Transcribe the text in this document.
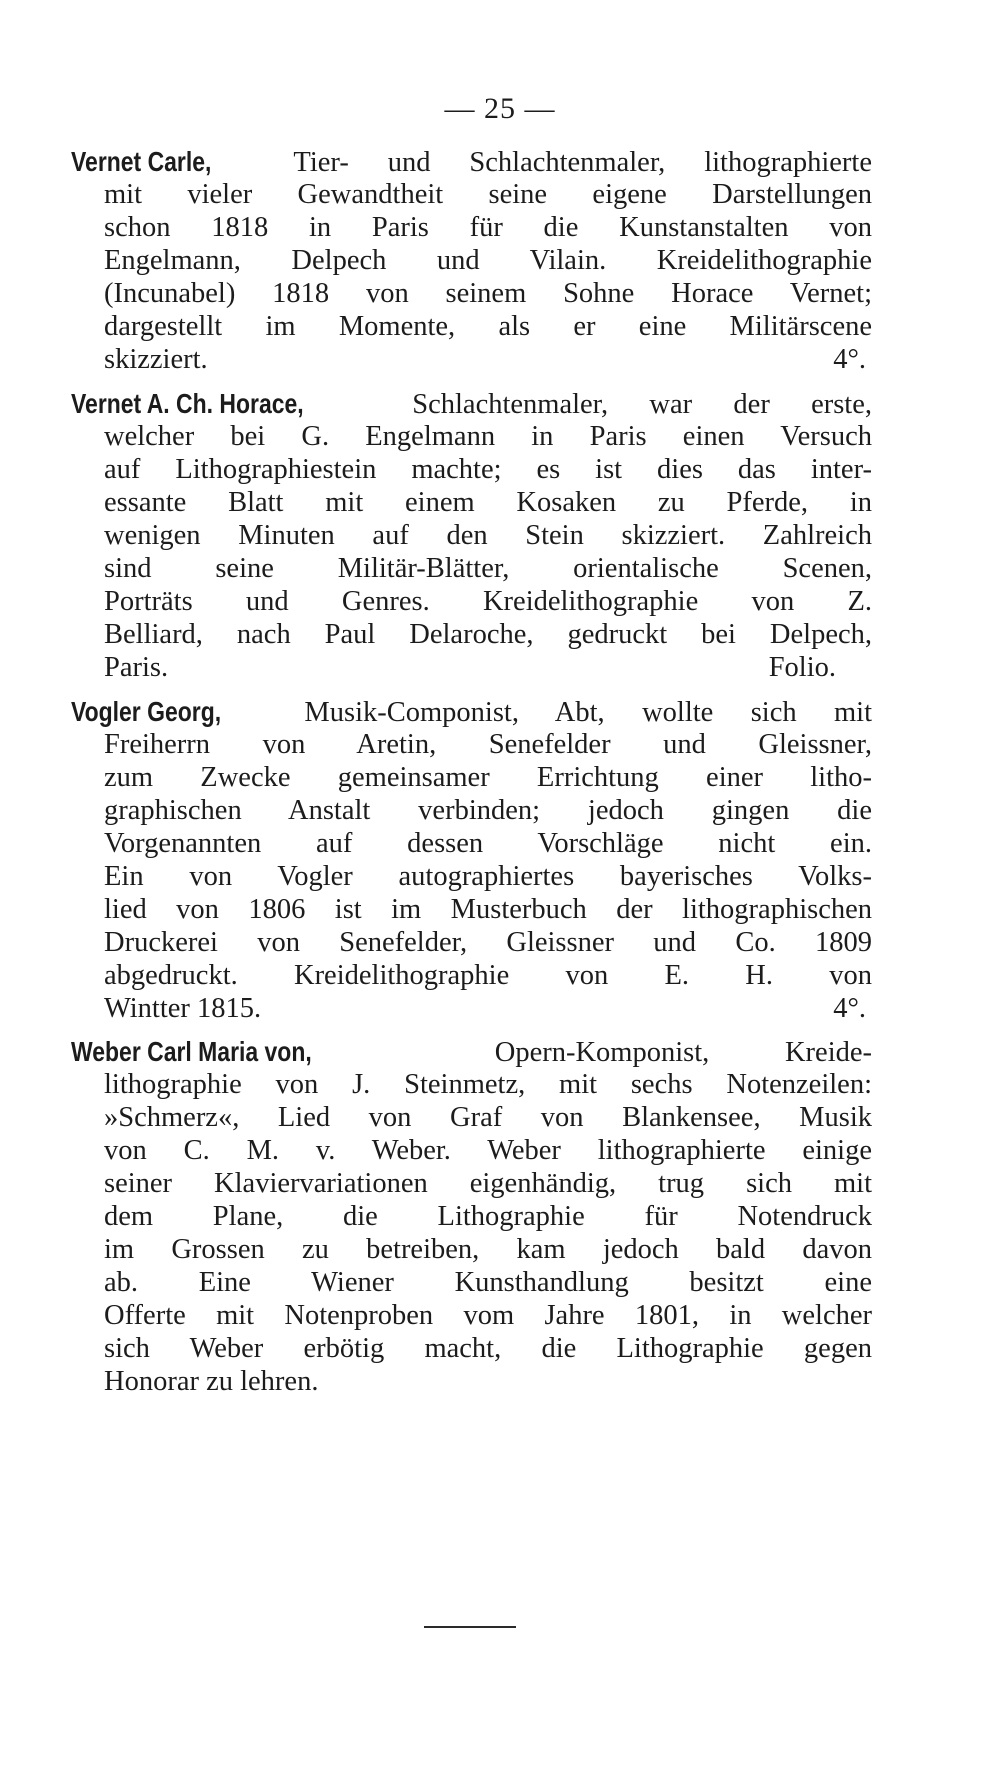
— 25 —
Vernet Carle,	Tier- und Schlachtenmaler, lithographierte
mit vieler Gewandtheit seine eigene Darstellungen
schon 1818 in Paris für die Kunstanstalten von
Engelmann, Delpech und Vilain. Kreidelithographie
(Incunabel) 1818 von seinem Sohne Horace Vernet;
dargestellt im Momente, als er eine Militärscene
skizziert.	4°.
Vernet A. Ch. Horace,	Schlachtenmaler, war der erste,
welcher bei G. Engelmann in Paris einen Versuch
auf Lithographiestein machte; es ist dies das inter-
essante Blatt mit einem Kosaken zu Pferde, in
wenigen Minuten auf den Stein skizziert. Zahlreich
sind seine Militär-Blätter, orientalische Scenen,
Porträts und Genres. Kreidelithographie von Z.
Belliard, nach Paul Delaroche, gedruckt bei Delpech,
Paris.	Folio.
Vogler Georg,	Musik-Componist, Abt, wollte sich mit
Freiherrn von Aretin, Senefelder und Gleissner,
zum Zwecke gemeinsamer Errichtung einer litho-
graphischen Anstalt verbinden; jedoch gingen die
Vorgenannten auf dessen Vorschläge nicht ein.
Ein von Vogler autographiertes bayerisches Volks-
lied von 1806 ist im Musterbuch der lithographischen
Druckerei von Senefelder, Gleissner und Co. 1809
abgedruckt. Kreidelithographie von E. H. von
Wintter 1815.	4°.
Weber Carl Maria von,	Opern-Komponist, Kreide-
lithographie von J. Steinmetz, mit sechs Notenzeilen:
»Schmerz«, Lied von Graf von Blankensee, Musik
von C. M. v. Weber. Weber lithographierte einige
seiner Klaviervariationen eigenhändig, trug sich mit
dem Plane, die Lithographie für Notendruck
im Grossen zu betreiben, kam jedoch bald davon
ab. Eine Wiener Kunsthandlung besitzt eine
Offerte mit Notenproben vom Jahre 1801, in welcher
sich Weber erbötig macht, die Lithographie gegen
Honorar zu lehren.
